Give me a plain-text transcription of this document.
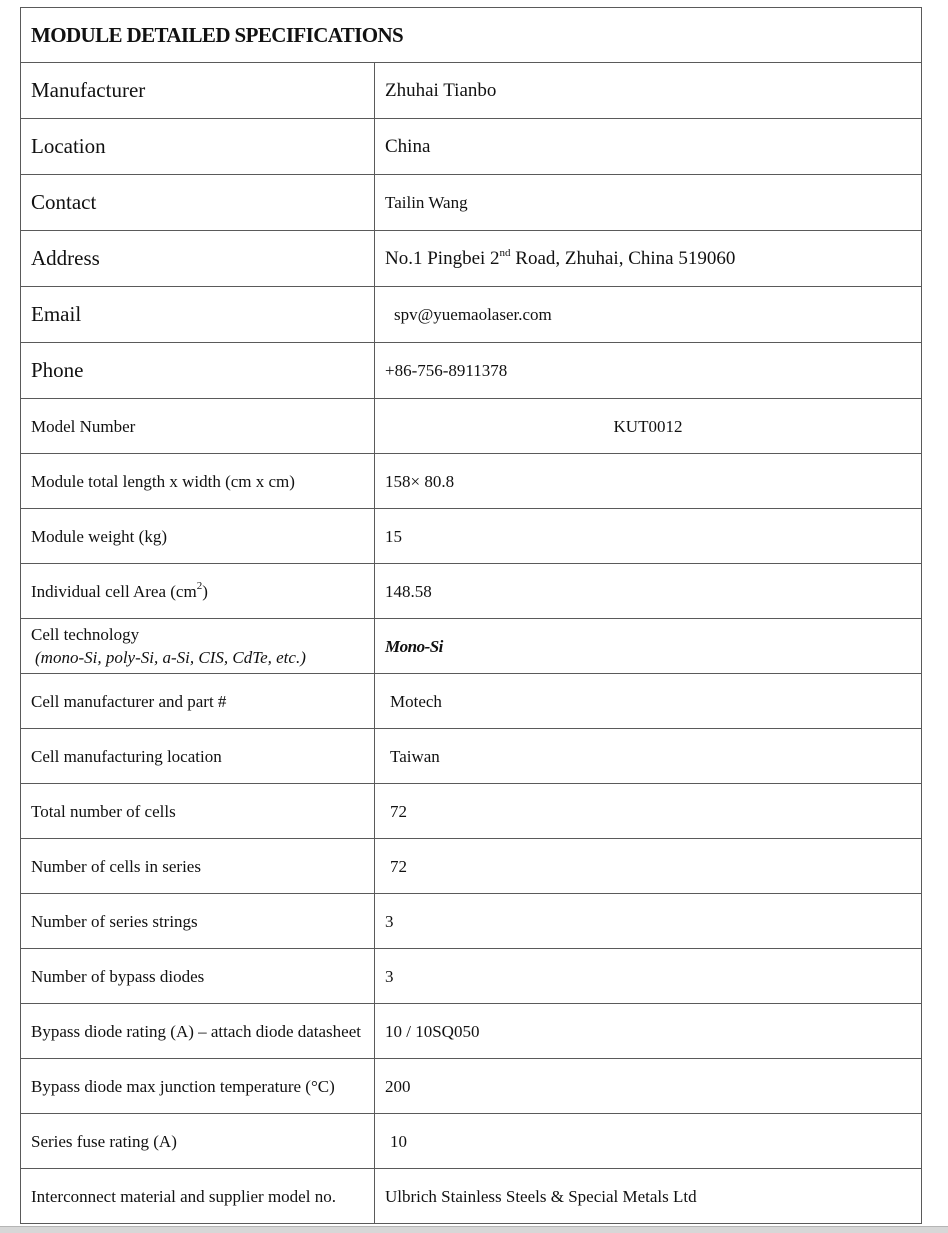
MODULE DETAILED SPECIFICATIONS	
Manufacturer	Zhuhai Tianbo
Location	China
Contact	Tailin Wang
Address	No.1 Pingbei 2nd Road, Zhuhai, China 519060
Email	spv@yuemaolaser.com
Phone	+86-756-8911378
Model Number	KUT0012
Module total length x width (cm x cm)	158× 80.8
Module weight (kg)	15
Individual cell Area $(cm^2)$	148.58

Cell technology
(mono-Si, poly-Si, a-Si, CIS, CdTe, etc.)	Mono-Si
Cell manufacturer and part #	Motech
Cell manufacturing location	Taiwan
Total number of cells	72
Number of cells in series	72
Number of series strings	3
Number of bypass diodes	3
Bypass diode rating (A) – attach diode datasheet	10 / 10SQ050
Bypass diode max junction temperature (°C)	200
Series fuse rating (A)	10
Interconnect material and supplier model no.	Ulbrich Stainless Steels & Special Metals Ltd
